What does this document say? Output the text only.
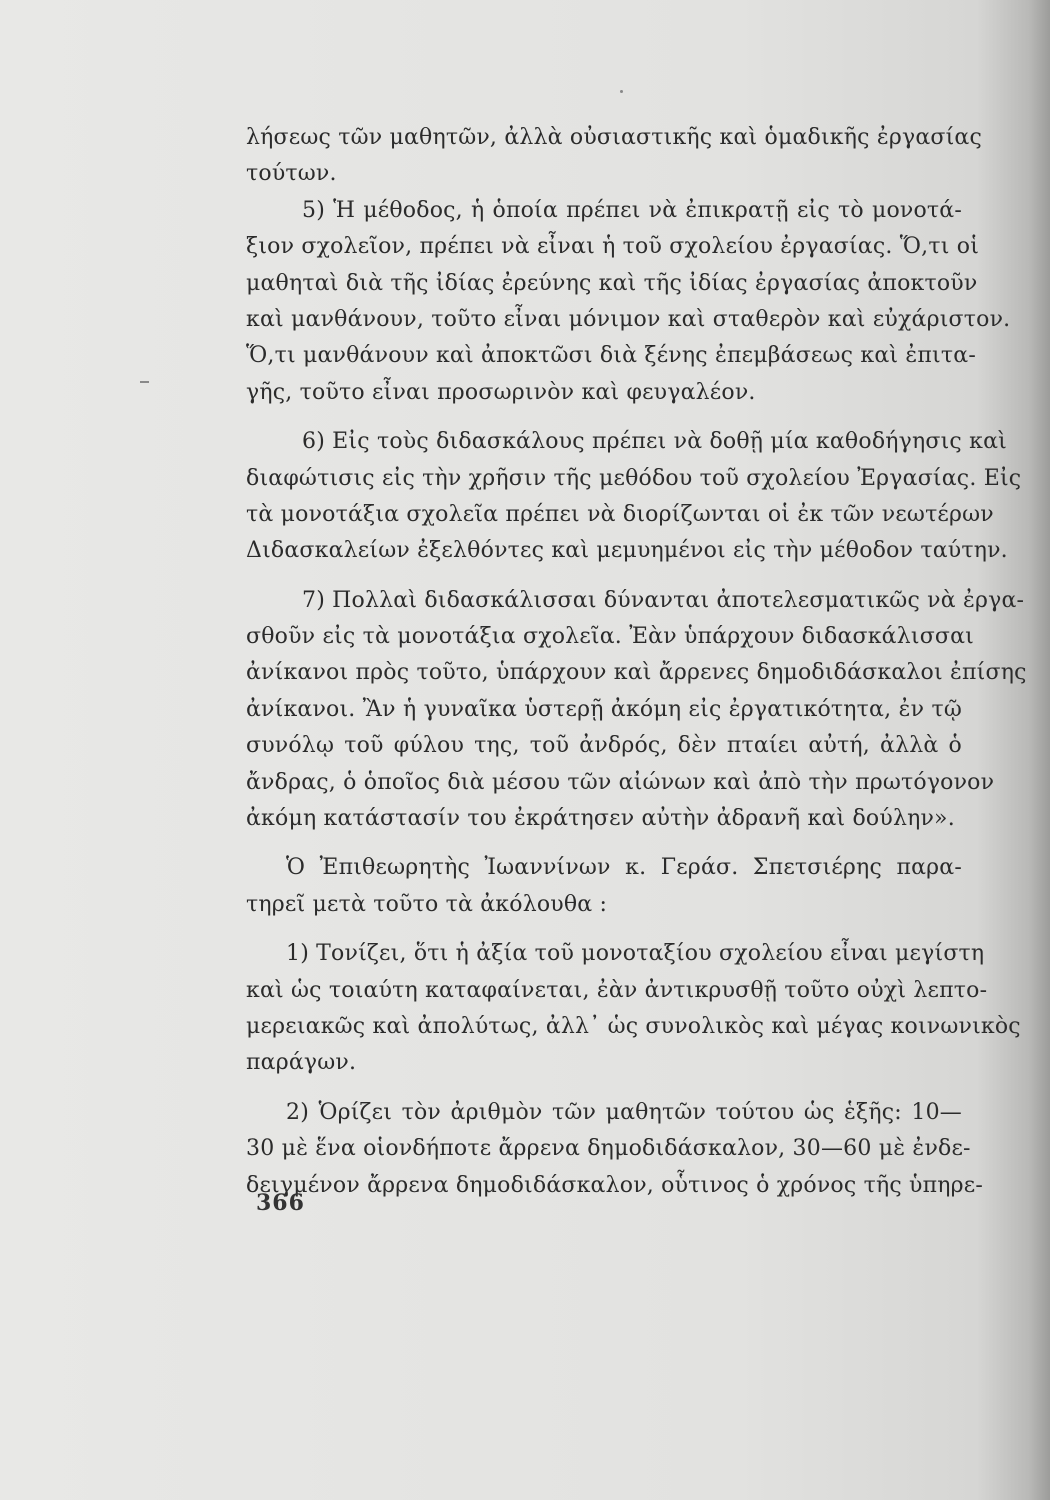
λήσεως τῶν μαθητῶν, ἀλλὰ οὐσιαστικῆς καὶ ὁμαδικῆς ἐργασίας
τούτων.
5) Ἡ μέθοδος, ἡ ὁποία πρέπει νὰ ἐπικρατῇ εἰς τὸ μονοτά-
ξιον σχολεῖον, πρέπει νὰ εἶναι ἡ τοῦ σχολείου ἐργασίας. Ὅ,τι οἱ
μαθηταὶ διὰ τῆς ἰδίας ἐρεύνης καὶ τῆς ἰδίας ἐργασίας ἀποκτοῦν
καὶ μανθάνουν, τοῦτο εἶναι μόνιμον καὶ σταθερὸν καὶ εὐχάριστον.
Ὅ,τι μανθάνουν καὶ ἀποκτῶσι διὰ ξένης ἐπεμβάσεως καὶ ἐπιτα-
γῆς, τοῦτο εἶναι προσωρινὸν καὶ φευγαλέον.
6) Εἰς τοὺς διδασκάλους πρέπει νὰ δοθῇ μία καθοδήγησις καὶ
διαφώτισις εἰς τὴν χρῆσιν τῆς μεθόδου τοῦ σχολείου Ἐργασίας. Εἰς
τὰ μονοτάξια σχολεῖα πρέπει νὰ διορίζωνται οἱ ἐκ τῶν νεωτέρων
Διδασκαλείων ἐξελθόντες καὶ μεμυημένοι εἰς τὴν μέθοδον ταύτην.
7) Πολλαὶ διδασκάλισσαι δύνανται ἀποτελεσματικῶς νὰ ἐργα-
σθοῦν εἰς τὰ μονοτάξια σχολεῖα. Ἐὰν ὑπάρχουν διδασκάλισσαι
ἀνίκανοι πρὸς τοῦτο, ὑπάρχουν καὶ ἄρρενες δημοδιδάσκαλοι ἐπίσης
ἀνίκανοι. Ἂν ἡ γυναῖκα ὑστερῇ ἀκόμη εἰς ἐργατικότητα, ἐν τῷ
συνόλῳ τοῦ φύλου της, τοῦ ἀνδρός, δὲν πταίει αὐτή, ἀλλὰ ὁ
ἄνδρας, ὁ ὁποῖος διὰ μέσου τῶν αἰώνων καὶ ἀπὸ τὴν πρωτόγονον
ἀκόμη κατάστασίν του ἐκράτησεν αὐτὴν ἀδρανῆ καὶ δούλην».
Ὁ Ἐπιθεωρητὴς Ἰωαννίνων κ. Γεράσ. Σπετσιέρης παρα-
τηρεῖ μετὰ τοῦτο τὰ ἀκόλουθα :
1) Τονίζει, ὅτι ἡ ἀξία τοῦ μονοταξίου σχολείου εἶναι μεγίστη
καὶ ὡς τοιαύτη καταφαίνεται, ἐὰν ἀντικρυσθῇ τοῦτο οὐχὶ λεπτο-
μερειακῶς καὶ ἀπολύτως, ἀλλ᾽ ὡς συνολικὸς καὶ μέγας κοινωνικὸς
παράγων.
2) Ὁρίζει τὸν ἀριθμὸν τῶν μαθητῶν τούτου ὡς ἑξῆς: 10—
30 μὲ ἕνα οἱονδήποτε ἄρρενα δημοδιδάσκαλον, 30—60 μὲ ἐνδε-
δειγμένον ἄρρενα δημοδιδάσκαλον, οὗτινος ὁ χρόνος τῆς ὑπηρε-
366
